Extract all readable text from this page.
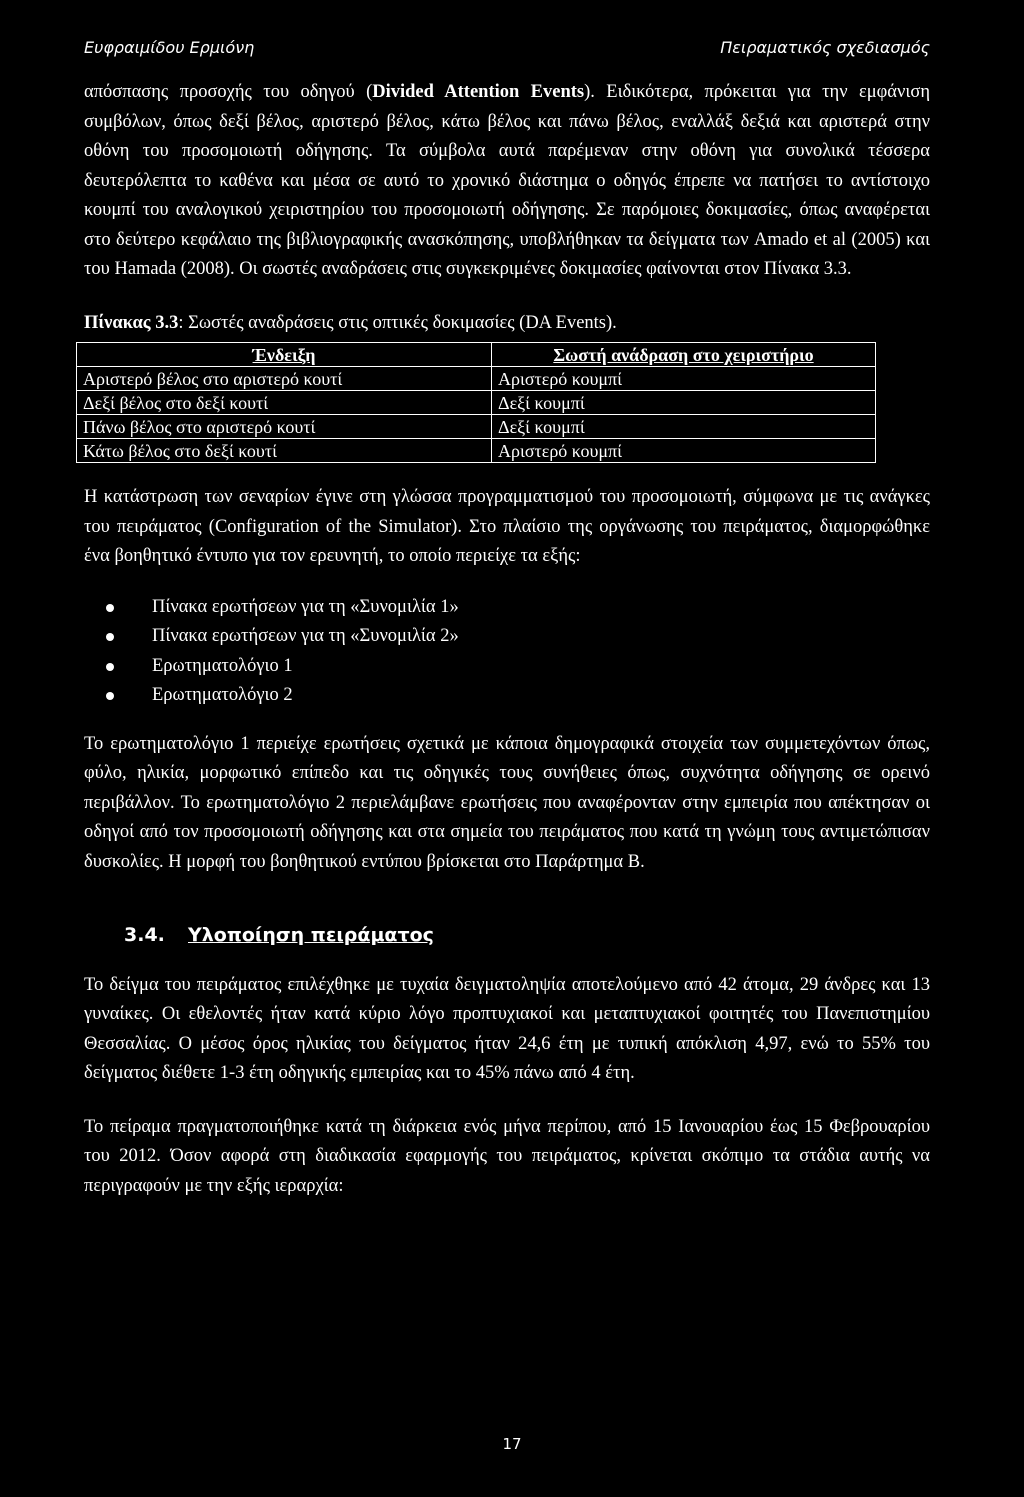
Ευφραιμίδου Ερμιόνη	Πειραματικός σχεδιασμός

απόσπασης προσοχής του οδηγού (Divided Attention Events). Ειδικότερα, πρόκειται για την εμφάνιση συμβόλων, όπως δεξί βέλος, αριστερό βέλος, κάτω βέλος και πάνω βέλος, εναλλάξ δεξιά και αριστερά στην οθόνη του προσομοιωτή οδήγησης. Τα σύμβολα αυτά παρέμεναν στην οθόνη για συνολικά τέσσερα δευτερόλεπτα το καθένα και μέσα σε αυτό το χρονικό διάστημα ο οδηγός έπρεπε να πατήσει το αντίστοιχο κουμπί του αναλογικού χειριστηρίου του προσομοιωτή οδήγησης. Σε παρόμοιες δοκιμασίες, όπως αναφέρεται στο δεύτερο κεφάλαιο της βιβλιογραφικής ανασκόπησης, υποβλήθηκαν τα δείγματα των Amado et al (2005) και του Hamada (2008). Οι σωστές αναδράσεις στις συγκεκριμένες δοκιμασίες φαίνονται στον Πίνακα 3.3.

Πίνακας 3.3: Σωστές αναδράσεις στις οπτικές δοκιμασίες (DA Events).

Ένδειξη	Σωστή ανάδραση στο χειριστήριο
Αριστερό βέλος στο αριστερό κουτί	Αριστερό κουμπί
Δεξί βέλος στο δεξί κουτί	Δεξί κουμπί
Πάνω βέλος στο αριστερό κουτί	Δεξί κουμπί
Κάτω βέλος στο δεξί κουτί	Αριστερό κουμπί

Η κατάστρωση των σεναρίων έγινε στη γλώσσα προγραμματισμού του προσομοιωτή, σύμφωνα με τις ανάγκες του πειράματος (Configuration of the Simulator). Στο πλαίσιο της οργάνωσης του πειράματος, διαμορφώθηκε ένα βοηθητικό έντυπο για τον ερευνητή, το οποίο περιείχε τα εξής:

Πίνακα ερωτήσεων για τη «Συνομιλία 1»
Πίνακα ερωτήσεων για τη «Συνομιλία 2»
Ερωτηματολόγιο 1
Ερωτηματολόγιο 2

Το ερωτηματολόγιο 1 περιείχε ερωτήσεις σχετικά με κάποια δημογραφικά στοιχεία των συμμετεχόντων όπως, φύλο, ηλικία, μορφωτικό επίπεδο και τις οδηγικές τους συνήθειες όπως, συχνότητα οδήγησης σε ορεινό περιβάλλον. Το ερωτηματολόγιο 2 περιελάμβανε ερωτήσεις που αναφέρονταν στην εμπειρία που απέκτησαν οι οδηγοί από τον προσομοιωτή οδήγησης και στα σημεία του πειράματος που κατά τη γνώμη τους αντιμετώπισαν δυσκολίες. Η μορφή του βοηθητικού εντύπου βρίσκεται στο Παράρτημα Β.

3.4. Υλοποίηση πειράματος

Το δείγμα του πειράματος επιλέχθηκε με τυχαία δειγματοληψία αποτελούμενο από 42 άτομα, 29 άνδρες και 13 γυναίκες. Οι εθελοντές ήταν κατά κύριο λόγο προπτυχιακοί και μεταπτυχιακοί φοιτητές του Πανεπιστημίου Θεσσαλίας. Ο μέσος όρος ηλικίας του δείγματος ήταν 24,6 έτη με τυπική απόκλιση 4,97, ενώ το 55% του δείγματος διέθετε 1-3 έτη οδηγικής εμπειρίας και το 45% πάνω από 4 έτη.

Το πείραμα πραγματοποιήθηκε κατά τη διάρκεια ενός μήνα περίπου, από 15 Ιανουαρίου έως 15 Φεβρουαρίου του 2012. Όσον αφορά στη διαδικασία εφαρμογής του πειράματος, κρίνεται σκόπιμο τα στάδια αυτής να περιγραφούν με την εξής ιεραρχία:

17
